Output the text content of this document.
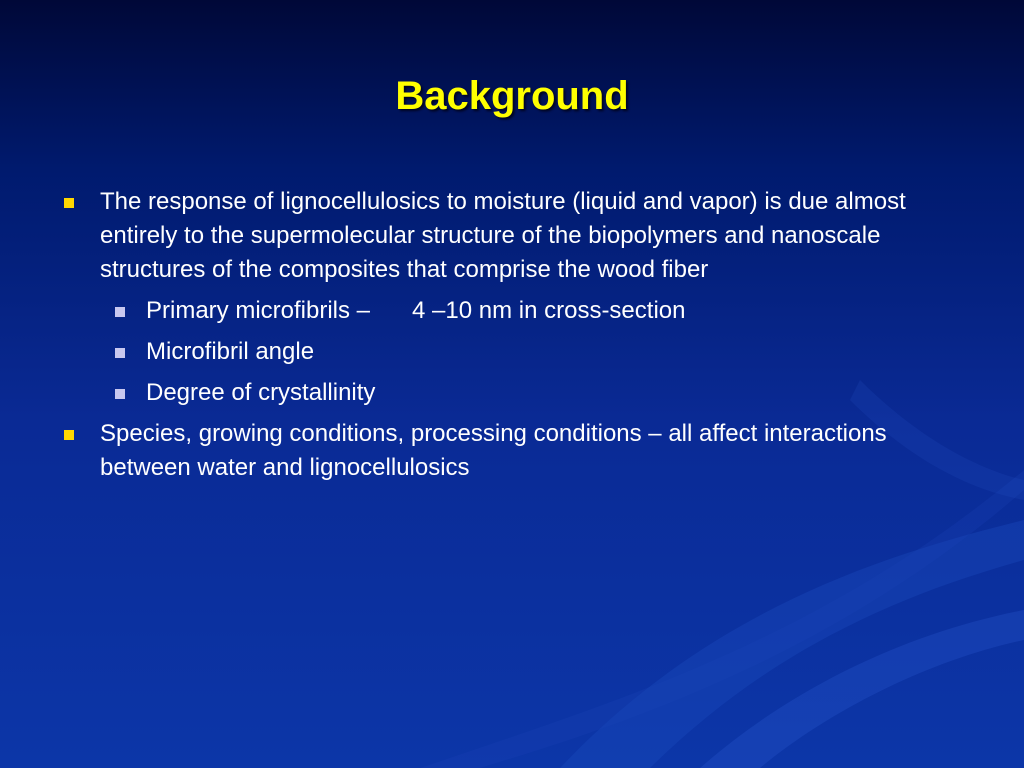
Background
The response of lignocellulosics to moisture (liquid and vapor) is due almost entirely to the supermolecular structure of the biopolymers and nanoscale structures of the composites that comprise the wood fiber
Primary microfibrils – 4 –10 nm in cross-section
Microfibril angle
Degree of crystallinity
Species, growing conditions, processing conditions – all affect interactions between water and lignocellulosics
